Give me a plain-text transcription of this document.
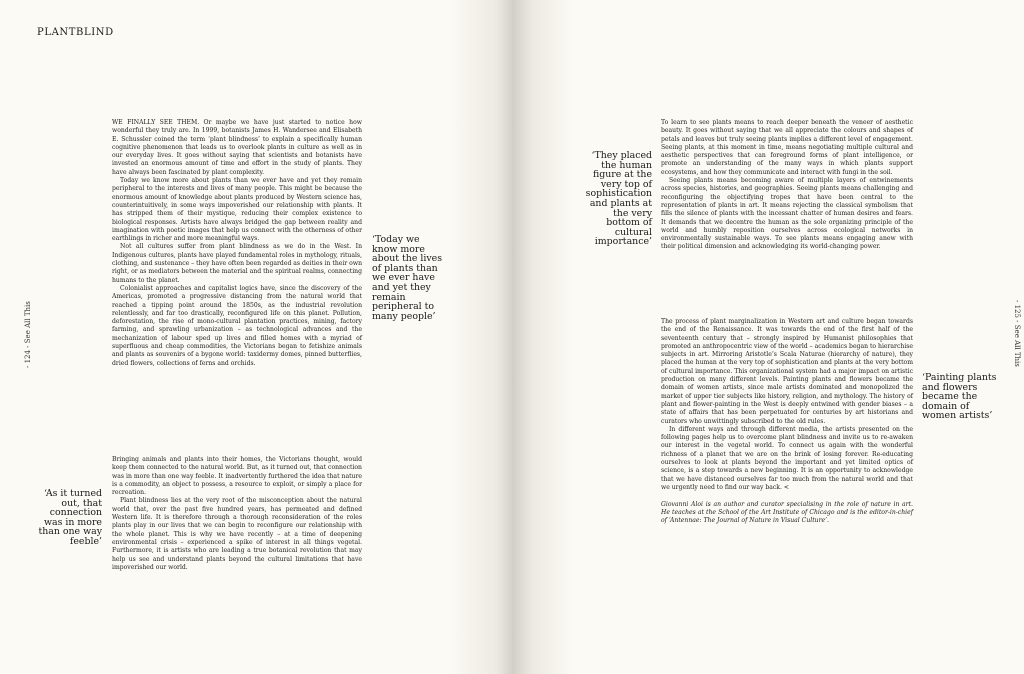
PLANTBLIND
- 124 - See All This

WE FINALLY SEE THEM. Or maybe we have just started to notice how wonderful they truly are. In 1999, botanists James H. Wandersee and Elisabeth E. Schussler coined the term ‘plant blindness’ to explain a specifically human cognitive phenomenon that leads us to overlook plants in culture as well as in our everyday lives. It goes without saying that scientists and botanists have invested an enormous amount of time and effort in the study of plants. They have always been fascinated by plant complexity.

Today we know more about plants than we ever have and yet they remain peripheral to the interests and lives of many people. This might be because the enormous amount of knowledge about plants produced by Western science has, counterintuitively, in some ways impoverished our relationship with plants. It has stripped them of their mystique, reducing their complex existence to biological responses. Artists have always bridged the gap between reality and imagination with poetic images that help us connect with the otherness of other earthlings in richer and more meaningful ways.

Not all cultures suffer from plant blindness as we do in the West. In Indigenous cultures, plants have played fundamental roles in mythology, rituals, clothing, and sustenance – they have often been regarded as deities in their own right, or as mediators between the material and the spiritual realms, connecting humans to the planet.

Colonialist approaches and capitalist logics have, since the discovery of the Americas, promoted a progressive distancing from the natural world that reached a tipping point around the 1850s, as the industrial revolution relentlessly, and far too drastically, reconfigured life on this planet. Pollution, deforestation, the rise of mono-cultural plantation practices, mining, factory farming, and sprawling urbanization – as technological advances and the mechanization of labour sped up lives and filled homes with a myriad of superfluous and cheap commodities, the Victorians began to fetishize animals and plants as souvenirs of a bygone world: taxidermy domes, pinned butterflies, dried flowers, collections of ferns and orchids.

Bringing animals and plants into their homes, the Victorians thought, would keep them connected to the natural world. But, as it turned out, that connection was in more than one way feeble. It inadvertently furthered the idea that nature is a commodity, an object to possess, a resource to exploit, or simply a place for recreation.

Plant blindness lies at the very root of the misconception about the natural world that, over the past five hundred years, has permeated and defined Western life. It is therefore through a thorough reconsideration of the roles plants play in our lives that we can begin to reconfigure our relationship with the whole planet. This is why we have recently – at a time of deepening environmental crisis – experienced a spike of interest in all things vegetal. Furthermore, it is artists who are leading a true botanical revolution that may help us see and understand plants beyond the cultural limitations that have impoverished our world.

‘Today we know more about the lives of plants than we ever have and yet they remain peripheral to many people’
‘As it turned out, that connection was in more than one way feeble’
- 125 - See All This

To learn to see plants means to reach deeper beneath the veneer of aesthetic beauty. It goes without saying that we all appreciate the colours and shapes of petals and leaves but truly seeing plants implies a different level of engagement. Seeing plants, at this moment in time, means negotiating multiple cultural and aesthetic perspectives that can foreground forms of plant intelligence, or promote an understanding of the many ways in which plants support ecosystems, and how they communicate and interact with fungi in the soil.

Seeing plants means becoming aware of multiple layers of entwinements across species, histories, and geographies. Seeing plants means challenging and reconfiguring the objectifying tropes that have been central to the representation of plants in art. It means rejecting the classical symbolism that fills the silence of plants with the incessant chatter of human desires and fears. It demands that we decentre the human as the sole organizing principle of the world and humbly reposition ourselves across ecological networks in environmentally sustainable ways. To see plants means engaging anew with their political dimension and acknowledging its world-changing power.

The process of plant marginalization in Western art and culture began towards the end of the Renaissance. It was towards the end of the first half of the seventeenth century that – strongly inspired by Humanist philosophies that promoted an anthropocentric view of the world – academics began to hierarchise subjects in art. Mirroring Aristotle’s Scala Naturae (hierarchy of nature), they placed the human at the very top of sophistication and plants at the very bottom of cultural importance. This organizational system had a major impact on artistic production on many different levels. Painting plants and flowers became the domain of women artists, since male artists dominated and monopolized the market of upper tier subjects like history, religion, and mythology. The history of plant and flower-painting in the West is deeply entwined with gender biases – a state of affairs that has been perpetuated for centuries by art historians and curators who unwittingly subscribed to the old rules.

In different ways and through different media, the artists presented on the following pages help us to overcome plant blindness and invite us to re-awaken our interest in the vegetal world. To connect us again with the wonderful richness of a planet that we are on the brink of losing forever. Re-educating ourselves to look at plants beyond the important and yet limited optics of science, is a step towards a new beginning. It is an opportunity to acknowledge that we have distanced ourselves far too much from the natural world and that we urgently need to find our way back. <

Giovanni Aloi is an author and curator specialising in the role of nature in art. He teaches at the School of the Art Institute of Chicago and is the editor-in-chief of ‘Antennae: The Journal of Nature in Visual Culture’.

‘They placed the human figure at the very top of sophistication and plants at the very bottom of cultural importance’
‘Painting plants and flowers became the domain of women artists’
